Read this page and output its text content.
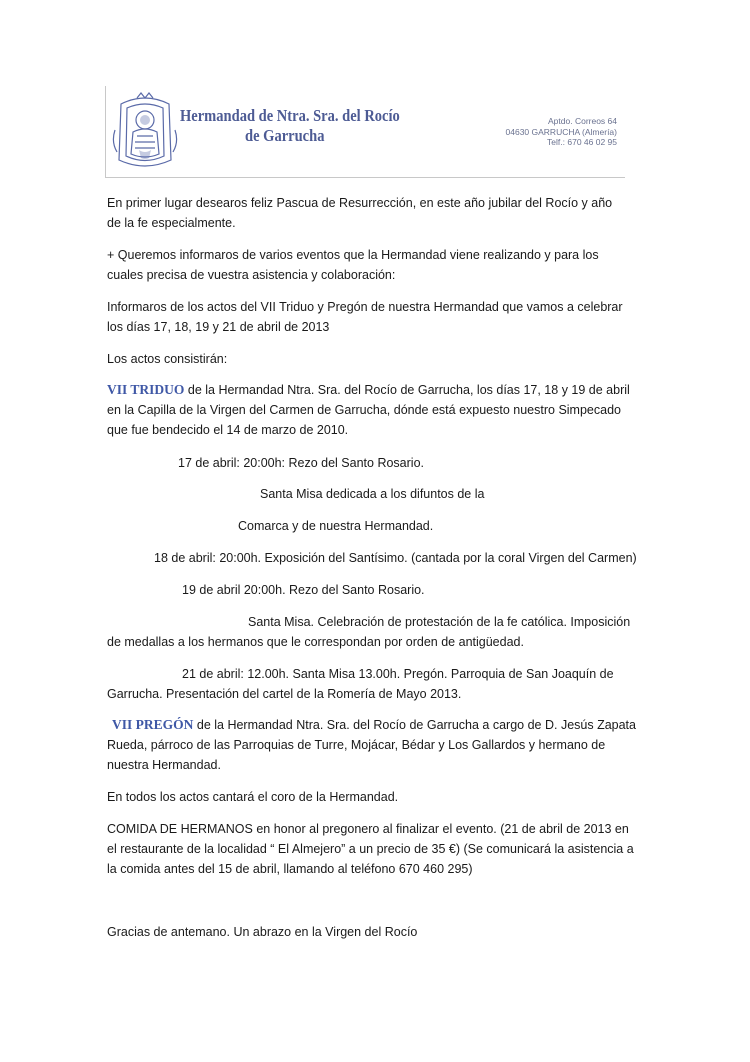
Hermandad de Ntra. Sra. del Rocío
de Garrucha
Aptdo. Correos 64
04630 GARRUCHA (Almería)
Telf.: 670 46 02 95
En primer lugar desearos feliz Pascua de Resurrección, en este año jubilar del Rocío y año
de la fe especialmente.
+ Queremos informaros de varios eventos que la Hermandad viene realizando y para los
cuales precisa de vuestra asistencia y colaboración:
Informaros de los actos del VII Triduo y Pregón de nuestra Hermandad que vamos a celebrar
los días 17, 18, 19 y 21 de abril de 2013
Los actos consistirán:
VII TRIDUO de la Hermandad Ntra. Sra. del Rocío de Garrucha, los días 17, 18 y 19 de abril
en la Capilla de la Virgen del Carmen de Garrucha, dónde está expuesto nuestro Simpecado
que fue bendecido el 14 de marzo de 2010.
17 de abril: 20:00h: Rezo del Santo Rosario.
Santa Misa dedicada a los difuntos de la
Comarca y de nuestra Hermandad.
18 de abril: 20:00h. Exposición del Santísimo. (cantada por la coral Virgen del Carmen)
19 de abril 20:00h. Rezo del Santo Rosario.
Santa Misa. Celebración de protestación de la fe católica. Imposición
de medallas a los hermanos que le correspondan por orden de antigüedad.
21 de abril: 12.00h. Santa Misa 13.00h. Pregón. Parroquia de San Joaquín de
Garrucha. Presentación del cartel de la Romería de Mayo 2013.
VII PREGÓN de la Hermandad Ntra. Sra. del Rocío de Garrucha a cargo de D. Jesús Zapata
Rueda, párroco de las Parroquias de Turre, Mojácar, Bédar y Los Gallardos y hermano de
nuestra Hermandad.
En todos los actos cantará el coro de la Hermandad.
COMIDA DE HERMANOS en honor al pregonero al finalizar el evento. (21 de abril de 2013 en
el restaurante de la localidad “ El Almejero” a un precio de 35 €) (Se comunicará la asistencia a
la comida antes del 15 de abril, llamando al teléfono 670 460 295)
Gracias de antemano. Un abrazo en la Virgen del Rocío
